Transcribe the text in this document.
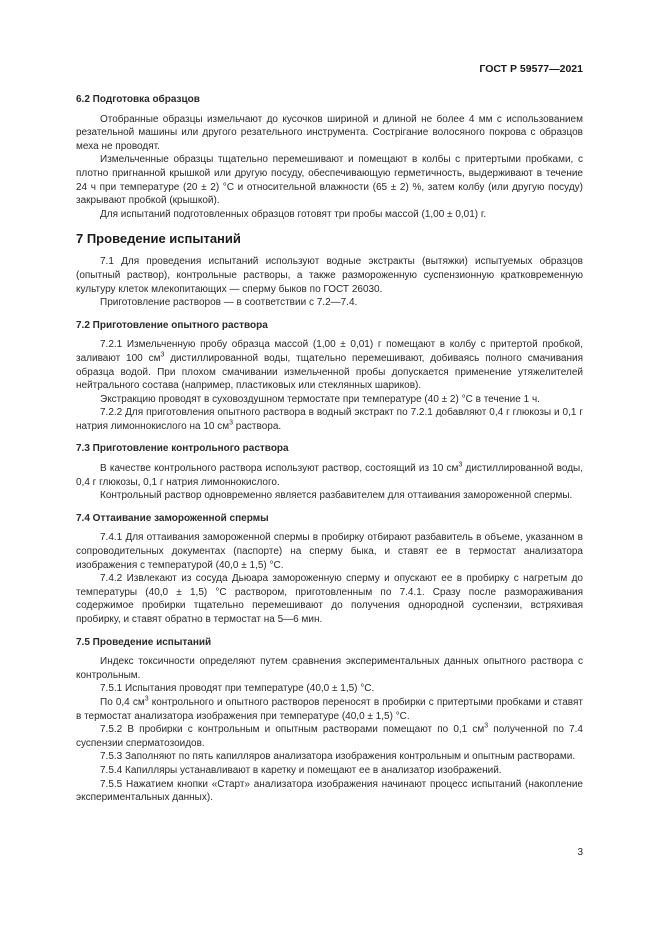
ГОСТ Р 59577—2021
6.2 Подготовка образцов

Отобранные образцы измельчают до кусочков шириной и длиной не более 4 мм с использованием резательной машины или другого резательного инструмента. Сострігание волосяного покрова с образцов меха не проводят.

Измельченные образцы тщательно перемешивают и помещают в колбы с притертыми пробками, с плотно пригнанной крышкой или другую посуду, обеспечивающую герметичность, выдерживают в течение 24 ч при температуре (20 ± 2) °С и относительной влажности (65 ± 2) %, затем колбу (или другую посуду) закрывают пробкой (крышкой).

Для испытаний подготовленных образцов готовят три пробы массой (1,00 ± 0,01) г.

7 Проведение испытаний

7.1 Для проведения испытаний используют водные экстракты (вытяжки) испытуемых образцов (опытный раствор), контрольные растворы, а также размороженную суспензионную кратковременную культуру клеток млекопитающих — сперму быков по ГОСТ 26030.

Приготовление растворов — в соответствии с 7.2—7.4.

7.2 Приготовление опытного раствора

7.2.1 Измельченную пробу образца массой (1,00 ± 0,01) г помещают в колбу с притертой пробкой, заливают 100 $см^3$ дистиллированной воды, тщательно перемешивают, добиваясь полного смачивания образца водой. При плохом смачивании измельченной пробы допускается применение утяжелителей нейтрального состава (например, пластиковых или стеклянных шариков).

Экстракцию проводят в суховоздушном термостате при температуре (40 ± 2) °С в течение 1 ч.

7.2.2 Для приготовления опытного раствора в водный экстракт по 7.2.1 добавляют 0,4 г глюкозы и 0,1 г натрия лимоннокислого на 10 $см^3$ раствора.

7.3 Приготовление контрольного раствора

В качестве контрольного раствора используют раствор, состоящий из 10 $см^3$ дистиллированной воды, 0,4 г глюкозы, 0,1 г натрия лимоннокислого.

Контрольный раствор одновременно является разбавителем для оттаивания замороженной спермы.

7.4 Оттаивание замороженной спермы

7.4.1 Для оттаивания замороженной спермы в пробирку отбирают разбавитель в объеме, указанном в сопроводительных документах (паспорте) на сперму быка, и ставят ее в термостат анализатора изображения с температурой (40,0 ± 1,5) °С.

7.4.2 Извлекают из сосуда Дьюара замороженную сперму и опускают ее в пробирку с нагретым до температуры (40,0 ± 1,5) °С раствором, приготовленным по 7.4.1. Сразу после размораживания содержимое пробирки тщательно перемешивают до получения однородной суспензии, встряхивая пробирку, и ставят обратно в термостат на 5—6 мин.

7.5 Проведение испытаний

Индекс токсичности определяют путем сравнения экспериментальных данных опытного раствора с контрольным.

7.5.1 Испытания проводят при температуре (40,0 ± 1,5) °С.

По 0,4 $см^3$ контрольного и опытного растворов переносят в пробирки с притертыми пробками и ставят в термостат анализатора изображения при температуре (40,0 ± 1,5) °С.

7.5.2 В пробирки с контрольным и опытным растворами помещают по 0,1 $см^3$ полученной по 7.4 суспензии сперматозоидов.

7.5.3 Заполняют по пять капилляров анализатора изображения контрольным и опытным растворами.

7.5.4 Капилляры устанавливают в каретку и помещают ее в анализатор изображений.

7.5.5 Нажатием кнопки «Старт» анализатора изображения начинают процесс испытаний (накопление экспериментальных данных).

3
